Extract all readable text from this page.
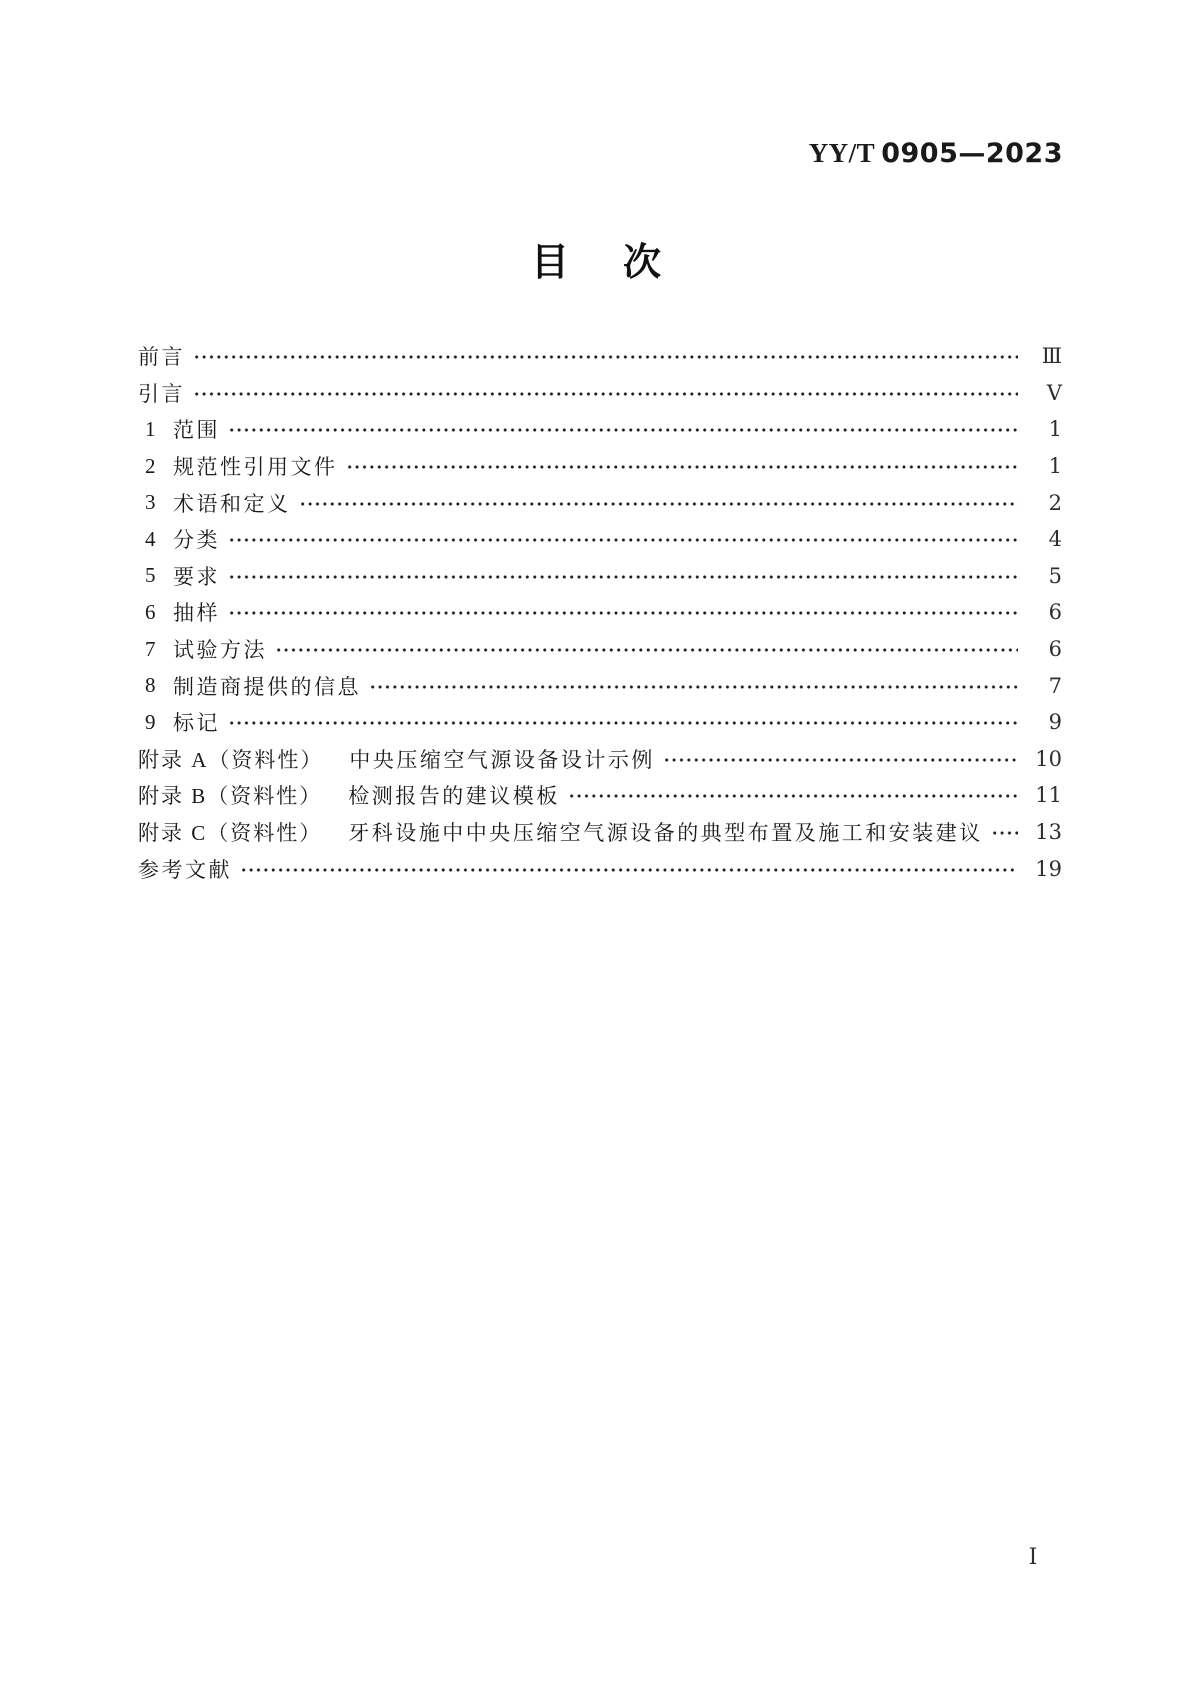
YY/T 0905—2023
目　次
前言	Ⅲ
引言	Ⅴ
1 范围	1
2 规范性引用文件	1
3 术语和定义	2
4 分类	4
5 要求	5
6 抽样	6
7 试验方法	6
8 制造商提供的信息	7
9 标记	9
附录 A（资料性） 中央压缩空气源设备设计示例	10
附录 B（资料性） 检测报告的建议模板	11
附录 C（资料性） 牙科设施中中央压缩空气源设备的典型布置及施工和安装建议	13
参考文献	19
Ⅰ
